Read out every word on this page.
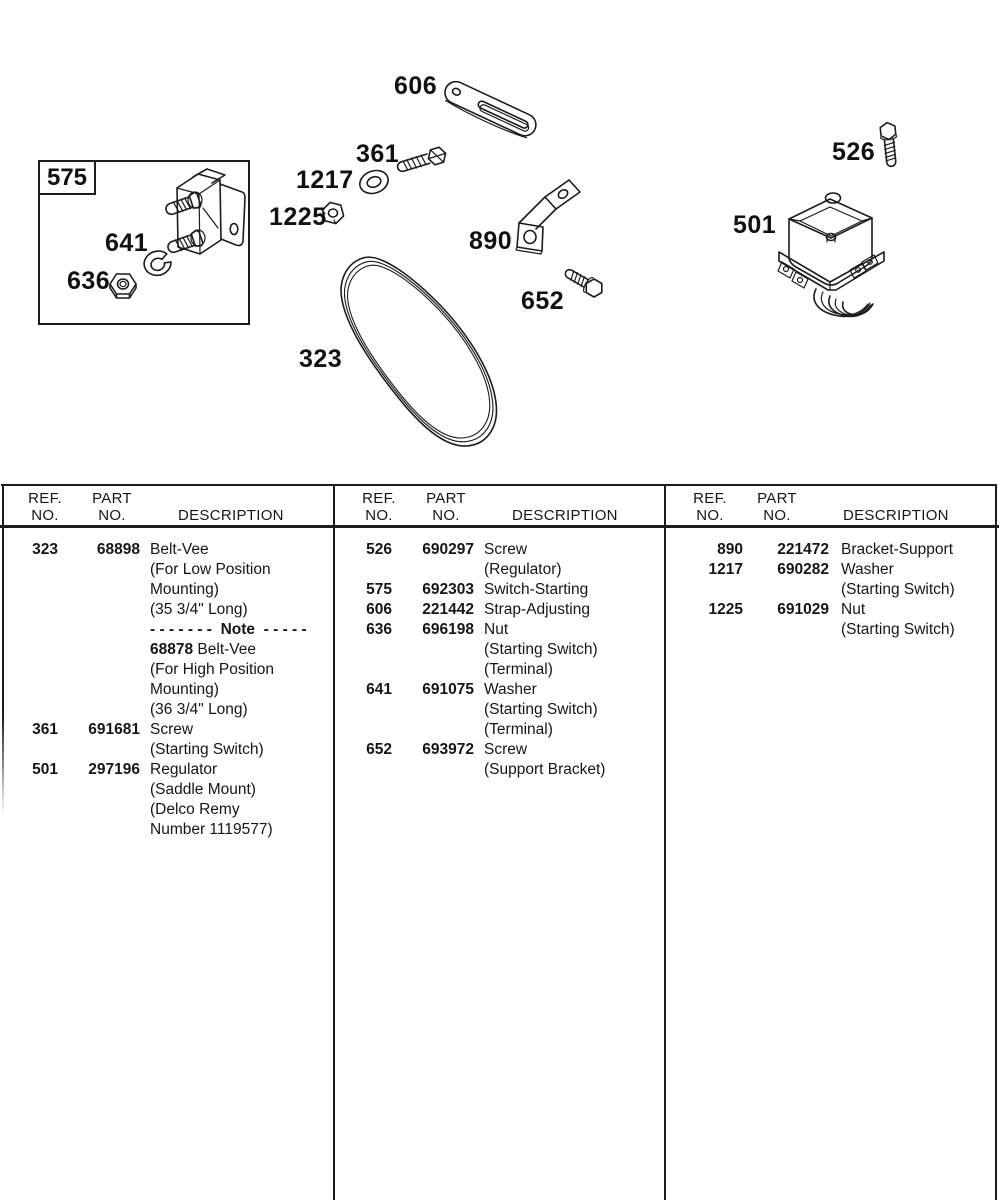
575
641
636
606
361
1217
1225
890
652
323
526
501
REF.
NO.
PART
NO.	DESCRIPTION
REF.
NO.
PART
NO.	DESCRIPTION
REF.
NO.
PART
NO.	DESCRIPTION
323	68898 Belt-Vee
(For Low Position
Mounting)
(35 3/4" Long)
- - - - - - -  Note  - - - - -
68878 Belt-Vee
(For High Position
Mounting)
(36 3/4" Long)
361	691681 Screw
(Starting Switch)
501	297196 Regulator
(Saddle Mount)
(Delco Remy
Number 1119577)
526	690297 Screw
(Regulator)
575	692303 Switch-Starting
606	221442 Strap-Adjusting
636	696198 Nut
(Starting Switch)
(Terminal)
641	691075 Washer
(Starting Switch)
(Terminal)
652	693972 Screw
(Support Bracket)
890	221472 Bracket-Support
1217	690282 Washer
(Starting Switch)
1225	691029 Nut
(Starting Switch)
